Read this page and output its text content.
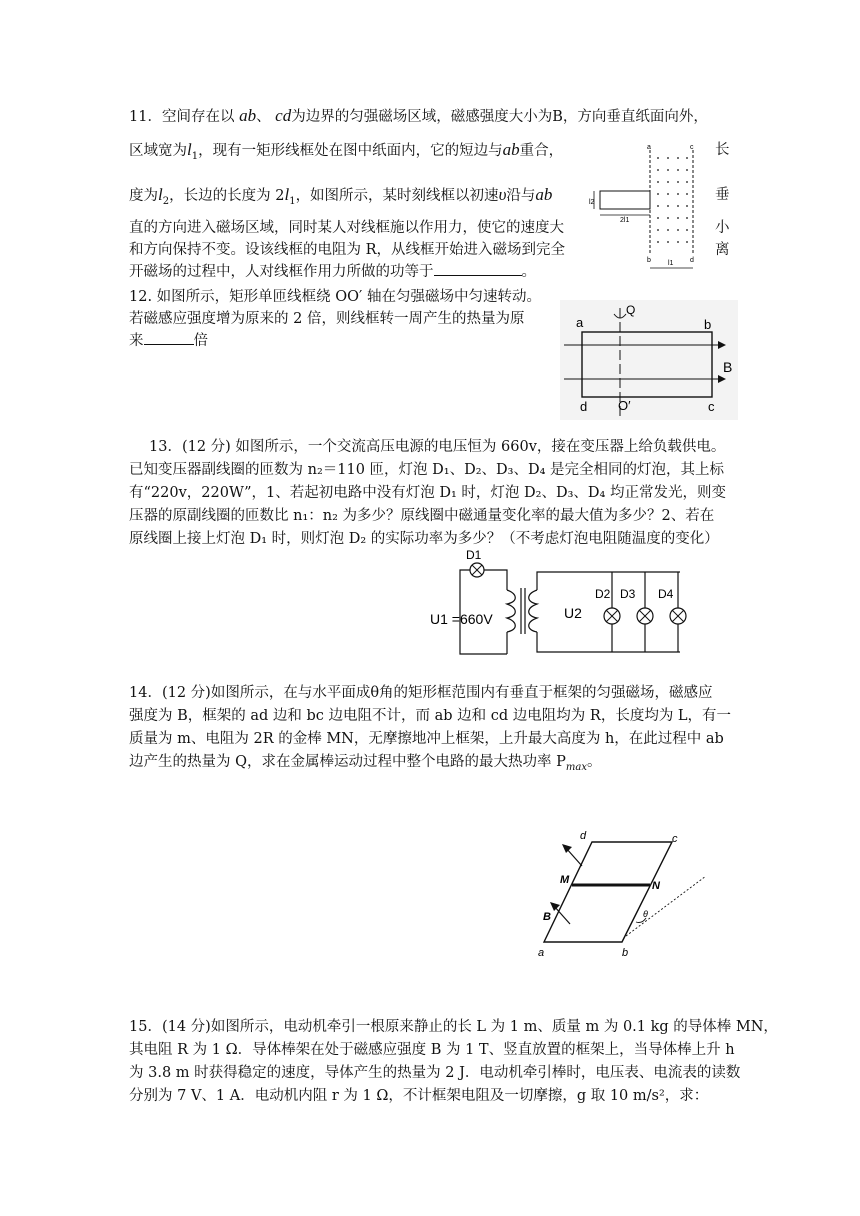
11．空间存在以 ab、 cd为边界的匀强磁场区域，磁感强度大小为B，方向垂直纸面向外，
区域宽为$l_1$，现有一矩形线框处在图中纸面内，它的短边与ab重合，	长
度为$l_2$，长边的长度为 $2l_1$，如图所示，某时刻线框以初速υ沿与ab	垂
直的方向进入磁场区域，同时某人对线框施以作用力，使它的速度大	小
和方向保持不变。设该线框的电阻为 R，从线框开始进入磁场到完全	离
开磁场的过程中，人对线框作用力所做的功等于	。
a	c
b	d
l2
2l1
l1
12. 如图所示，矩形单匝线框绕 OO′ 轴在匀强磁场中匀速转动。
若磁感应强度增为原来的 2 倍，则线框转一周产生的热量为原
来	倍
Q
a	b
d	c
O′
B
13．(12 分) 如图所示，一个交流高压电源的电压恒为 660v，接在变压器上给负载供电。
已知变压器副线圈的匝数为 n₂＝110 匝，灯泡 D₁、D₂、D₃、D₄ 是完全相同的灯泡，其上标
有“220v，220W”，1、若起初电路中没有灯泡 D₁ 时，灯泡 D₂、D₃、D₄ 均正常发光，则变
压器的原副线圈的匝数比 n₁：n₂ 为多少？原线圈中磁通量变化率的最大值为多少？2、若在
原线圈上接上灯泡 D₁ 时，则灯泡 D₂ 的实际功率为多少？（不考虑灯泡电阻随温度的变化）
D1
U1 =660V	U2
D2 D3 D4
14．(12 分)如图所示，在与水平面成θ角的矩形框范围内有垂直于框架的匀强磁场，磁感应
强度为 B，框架的 ad 边和 bc 边电阻不计，而 ab 边和 cd 边电阻均为 R，长度均为 L，有一
质量为 m、电阻为 2R 的金棒 MN，无摩擦地冲上框架，上升最大高度为 h，在此过程中 ab
边产生的热量为 Q，求在金属棒运动过程中整个电路的最大热功率 $P_{max}$。
θ
d	c
M	N
B
a	b
15．(14 分)如图所示，电动机牵引一根原来静止的长 L 为 1 m、质量 m 为 0.1 kg 的导体棒 MN，
其电阻 R 为 1 Ω．导体棒架在处于磁感应强度 B 为 1 T、竖直放置的框架上，当导体棒上升 h
为 3.8 m 时获得稳定的速度，导体产生的热量为 2 J．电动机牵引棒时，电压表、电流表的读数
分别为 7 V、1 A．电动机内阻 r 为 1 Ω，不计框架电阻及一切摩擦，g 取 10 m/s²，求：
